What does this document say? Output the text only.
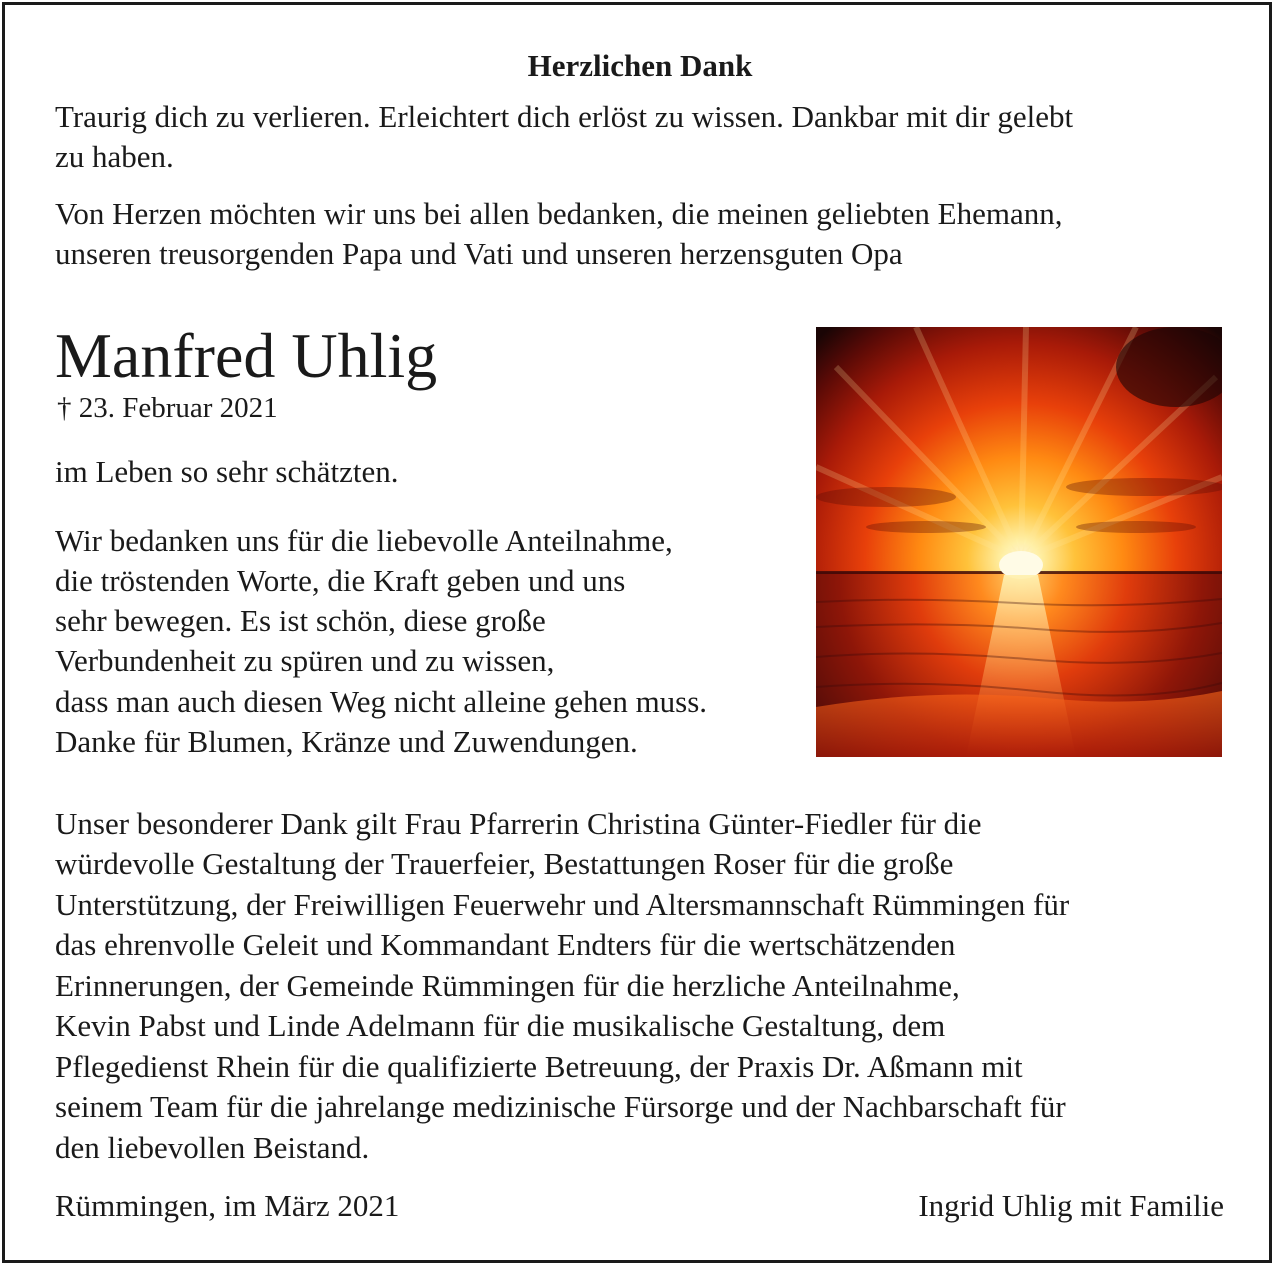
Herzlichen Dank
Traurig dich zu verlieren. Erleichtert dich erlöst zu wissen. Dankbar mit dir gelebt
zu haben.
Von Herzen möchten wir uns bei allen bedanken, die meinen geliebten Ehemann,
unseren treusorgenden Papa und Vati und unseren herzensguten Opa
Manfred Uhlig
† 23. Februar 2021
im Leben so sehr schätzten.
Wir bedanken uns für die liebevolle Anteilnahme,
die tröstenden Worte, die Kraft geben und uns
sehr bewegen. Es ist schön, diese große
Verbundenheit zu spüren und zu wissen,
dass man auch diesen Weg nicht alleine gehen muss.
Danke für Blumen, Kränze und Zuwendungen.
Unser besonderer Dank gilt Frau Pfarrerin Christina Günter-Fiedler für die
würdevolle Gestaltung der Trauerfeier, Bestattungen Roser für die große
Unterstützung, der Freiwilligen Feuerwehr und Altersmannschaft Rümmingen für
das ehrenvolle Geleit und Kommandant Endters für die wertschätzenden
Erinnerungen, der Gemeinde Rümmingen für die herzliche Anteilnahme,
Kevin Pabst und Linde Adelmann für die musikalische Gestaltung, dem
Pflegedienst Rhein für die qualifizierte Betreuung, der Praxis Dr. Aßmann mit
seinem Team für die jahrelange medizinische Fürsorge und der Nachbarschaft für
den liebevollen Beistand.
Rümmingen, im März 2021	Ingrid Uhlig mit Familie
